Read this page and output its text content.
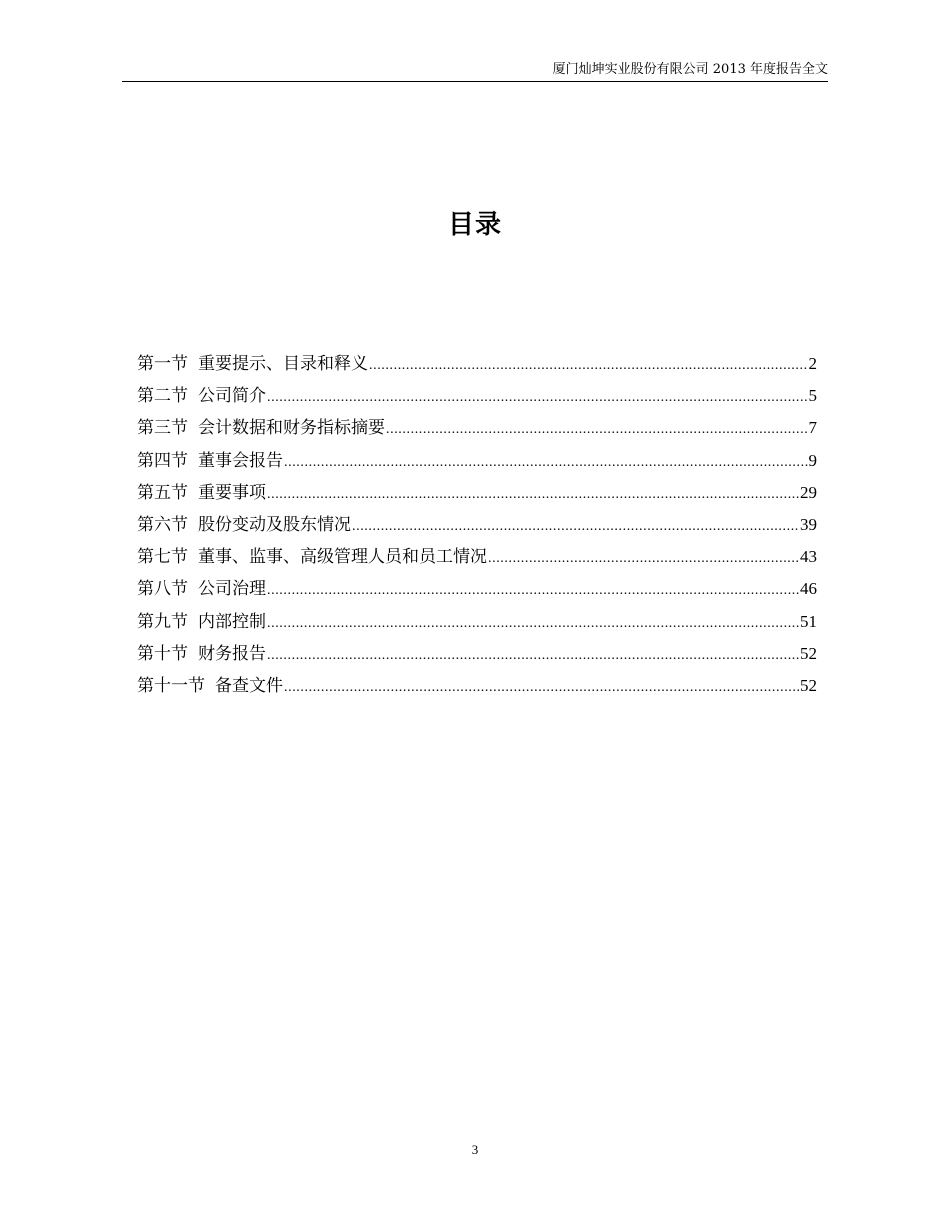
厦门灿坤实业股份有限公司 2013 年度报告全文
目录
第一节 重要提示、目录和释义 .....	2
第二节 公司简介 .....	5
第三节 会计数据和财务指标摘要 .....	7
第四节 董事会报告 .....	9
第五节 重要事项 .....	29
第六节 股份变动及股东情况 .....	39
第七节 董事、监事、高级管理人员和员工情况 .....	43
第八节 公司治理 .....	46
第九节 内部控制 .....	51
第十节 财务报告 .....	52
第十一节 备查文件 .....	52
3
